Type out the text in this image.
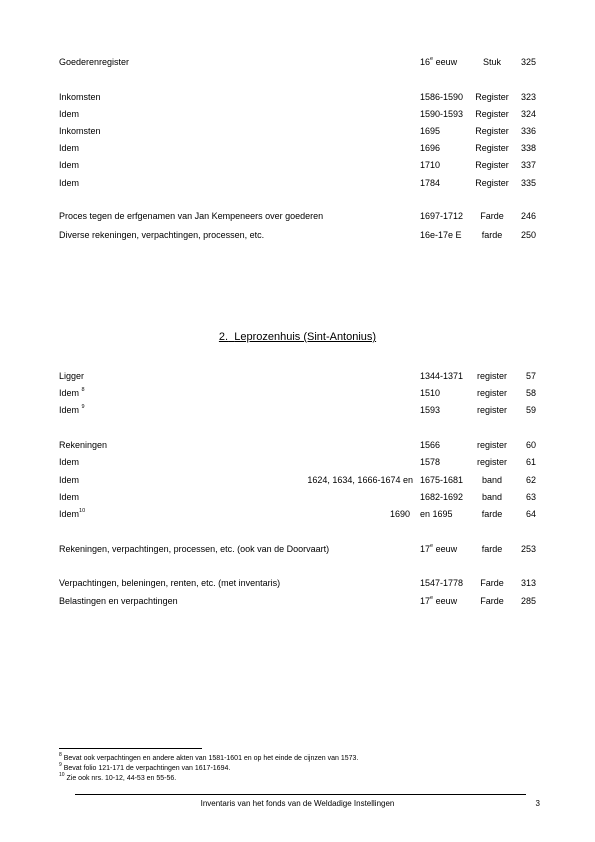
Goederenregister	16e eeuw	Stuk	325
Inkomsten	1586-1590	Register	323
Idem	1590-1593	Register	324
Inkomsten	1695	Register	336
Idem	1696	Register	338
Idem	1710	Register	337
Idem	1784	Register	335
Proces tegen de erfgenamen van Jan Kempeneers over goederen	1697-1712	Farde	246
Diverse rekeningen, verpachtingen, processen, etc.	16e-17e E	farde	250
2. Leprozenhuis (Sint-Antonius)
Ligger	1344-1371	register	57
Idem $^8$	1510	register	58
Idem $^9$	1593	register	59
Rekeningen	1566	register	60
Idem	1578	register	61
Idem	1624, 1634, 1666-1674 en 1675-1681	band	62
Idem	1682-1692	band	63
Idem$^{10}$	1690 en 1695	farde	64
Rekeningen, verpachtingen, processen, etc. (ook van de Doorvaart)	17e eeuw	farde	253
Verpachtingen, beleningen, renten, etc. (met inventaris)	1547-1778	Farde	313
Belastingen en verpachtingen	17e eeuw	Farde	285
$^8$ Bevat ook verpachtingen en andere akten van 1581-1601 en op het einde de cijnzen van 1573.
$^9$ Bevat folio 121-171 de verpachtingen van 1617-1694.
$^{10}$ Zie ook nrs. 10-12, 44-53 en 55-56.
Inventaris van het fonds van de Weldadige Instellingen	3
